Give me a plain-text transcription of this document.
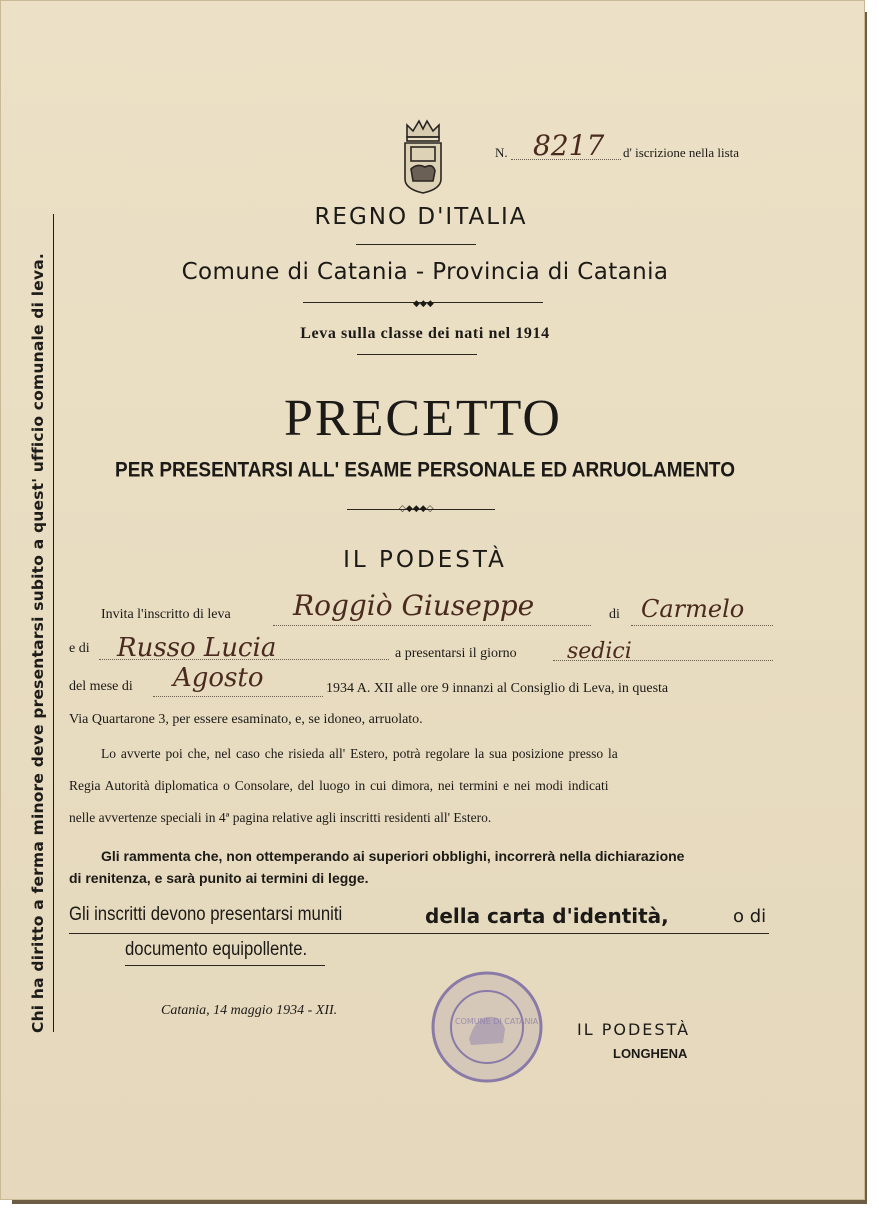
Chi ha diritto a ferma minore deve presentarsi subito a quest' ufficio comunale di leva.
N. 8217 d' iscrizione nella lista
REGNO D'ITALIA
Comune di Catania - Provincia di Catania
◆◆◆
Leva sulla classe dei nati nel 1914
PRECETTO
PER PRESENTARSI ALL' ESAME PERSONALE ED ARRUOLAMENTO
◇◆◆◆◇
IL PODESTÀ
Invita l'inscritto di leva Roggiò Giuseppe	di Carmelo
e di Russo Lucia	a presentarsi il giorno sedici
del mese di Agosto	1934 A. XII alle ore 9 innanzi al Consiglio di Leva, in questa
Via Quartarone 3, per essere esaminato, e, se idoneo, arruolato.
Lo avverte poi che, nel caso che risieda all' Estero, potrà regolare la sua posizione presso la
Regia Autorità diplomatica o Consolare, del luogo in cui dimora, nei termini e nei modi indicati
nelle avvertenze speciali in 4ª pagina relative agli inscritti residenti all' Estero.
Gli rammenta che, non ottemperando ai superiori obblighi, incorrerà nella dichiarazione
di renitenza, e sarà punito ai termini di legge.
Gli inscritti devono presentarsi muniti	della carta d'identità,	o di
documento equipollente.
Catania, 14 maggio 1934 - XII.
COMUNE DI CATANIA IL PODESTÀ
LONGHENA
